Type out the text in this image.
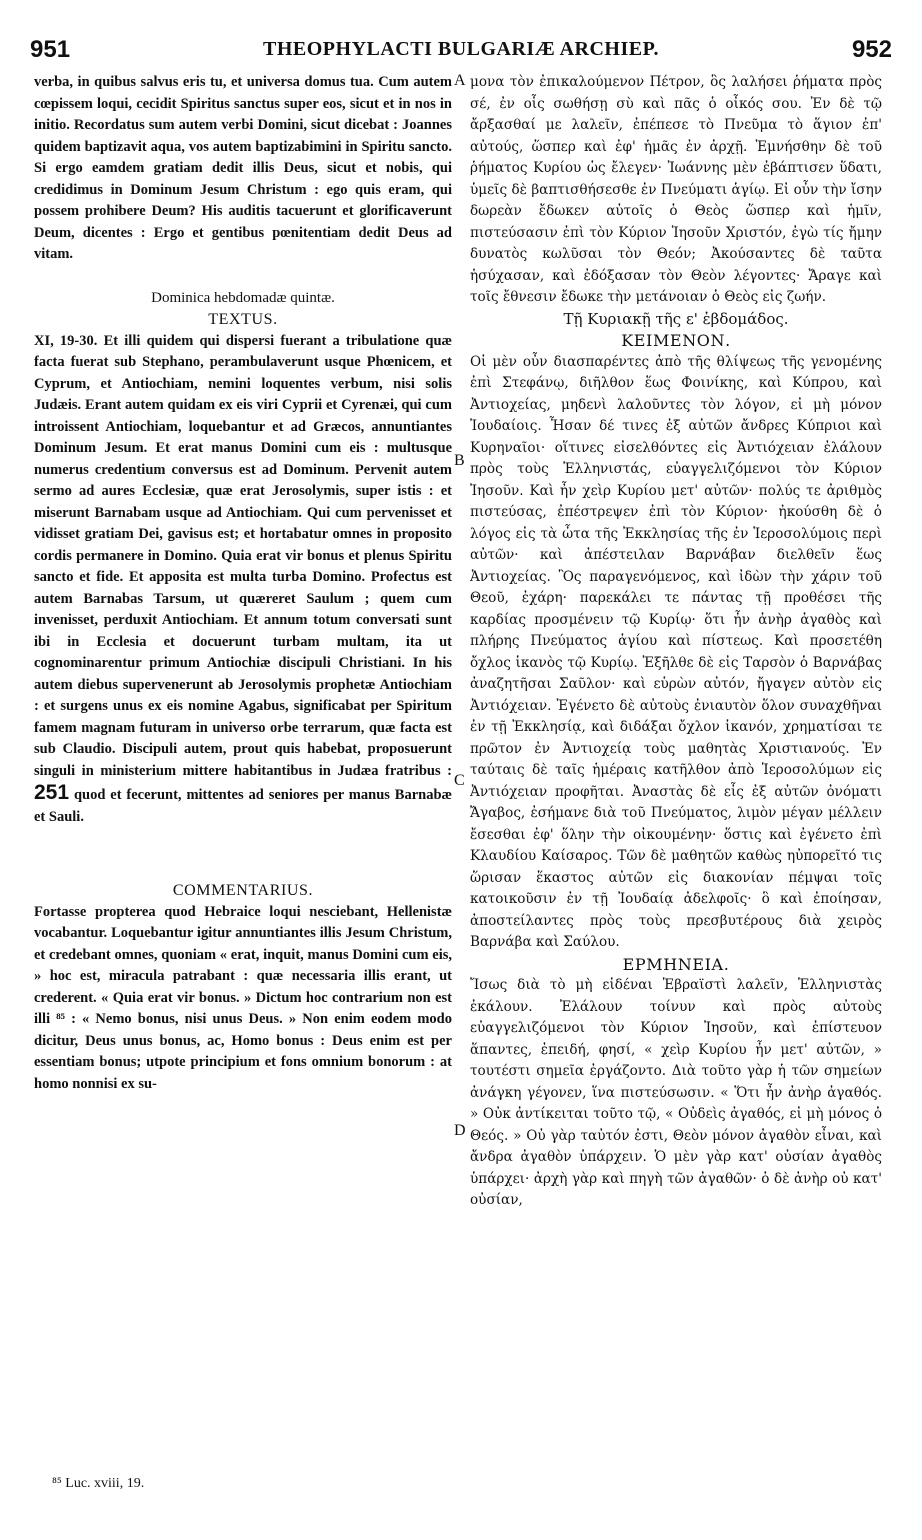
951	THEOPHYLACTI BULGARIÆ ARCHIEP.	952
A
B
C
D

verba, in quibus salvus eris tu, et universa domus tua. Cum autem cœpissem loqui, cecidit Spiritus sanctus super eos, sicut et in nos in initio. Recordatus sum autem verbi Domini, sicut dicebat : Joannes quidem baptizavit aqua, vos autem baptizabimini in Spiritu sancto. Si ergo eamdem gratiam dedit illis Deus, sicut et nobis, qui credidimus in Dominum Jesum Christum : ego quis eram, qui possem prohibere Deum? His auditis tacuerunt et glorificaverunt Deum, dicentes : Ergo et gentibus pœnitentiam dedit Deus ad vitam.

Dominica hebdomadæ quintæ.

TEXTUS.

XI, 19-30. Et illi quidem qui dispersi fuerant a tribulatione quæ facta fuerat sub Stephano, perambulaverunt usque Phœnicem, et Cyprum, et Antiochiam, nemini loquentes verbum, nisi solis Judæis. Erant autem quidam ex eis viri Cyprii et Cyrenæi, qui cum introissent Antiochiam, loquebantur et ad Græcos, annuntiantes Dominum Jesum. Et erat manus Domini cum eis : multusque numerus credentium conversus est ad Dominum. Pervenit autem sermo ad aures Ecclesiæ, quæ erat Jerosolymis, super istis : et miserunt Barnabam usque ad Antiochiam. Qui cum pervenisset et vidisset gratiam Dei, gavisus est; et hortabatur omnes in proposito cordis permanere in Domino. Quia erat vir bonus et plenus Spiritu sancto et fide. Et apposita est multa turba Domino. Profectus est autem Barnabas Tarsum, ut quæreret Saulum ; quem cum invenisset, perduxit Antiochiam. Et annum totum conversati sunt ibi in Ecclesia et docuerunt turbam multam, ita ut cognominarentur primum Antiochiæ discipuli Christiani. In his autem diebus supervenerunt ab Jerosolymis prophetæ Antiochiam : et surgens unus ex eis nomine Agabus, significabat per Spiritum famem magnam futuram in universo orbe terrarum, quæ facta est sub Claudio. Discipuli autem, prout quis habebat, proposuerunt singuli in ministerium mittere habitantibus in Judæa fratribus : 251 quod et fecerunt, mittentes ad seniores per manus Barnabæ et Sauli.

COMMENTARIUS.

Fortasse propterea quod Hebraice loqui nesciebant, Hellenistæ vocabantur. Loquebantur igitur annuntiantes illis Jesum Christum, et credebant omnes, quoniam « erat, inquit, manus Domini cum eis, » hoc est, miracula patrabant : quæ necessaria illis erant, ut crederent. « Quia erat vir bonus. » Dictum hoc contrarium non est illi ⁸⁵ : « Nemo bonus, nisi unus Deus. » Non enim eodem modo dicitur, Deus unus bonus, ac, Homo bonus : Deus enim est per essentiam bonus; utpote principium et fons omnium bonorum : at homo nonnisi ex su-

⁸⁵ Luc. xviii, 19.

μονα τὸν ἐπικαλούμενον Πέτρον, ὃς λαλήσει ῥήματα πρὸς σέ, ἐν οἷς σωθήσῃ σὺ καὶ πᾶς ὁ οἶκός σου. Ἐν δὲ τῷ ἄρξασθαί με λαλεῖν, ἐπέπεσε τὸ Πνεῦμα τὸ ἅγιον ἐπ' αὐτούς, ὥσπερ καὶ ἐφ' ἡμᾶς ἐν ἀρχῇ. Ἐμνήσθην δὲ τοῦ ῥήματος Κυρίου ὡς ἔλεγεν· Ἰωάννης μὲν ἐβάπτισεν ὕδατι, ὑμεῖς δὲ βαπτισθήσεσθε ἐν Πνεύματι ἁγίῳ. Εἰ οὖν τὴν ἴσην δωρεὰν ἔδωκεν αὐτοῖς ὁ Θεὸς ὥσπερ καὶ ἡμῖν, πιστεύσασιν ἐπὶ τὸν Κύριον Ἰησοῦν Χριστόν, ἐγὼ τίς ἤμην δυνατὸς κωλῦσαι τὸν Θεόν; Ἀκούσαντες δὲ ταῦτα ἡσύχασαν, καὶ ἐδόξασαν τὸν Θεὸν λέγοντες· Ἄραγε καὶ τοῖς ἔθνεσιν ἔδωκε τὴν μετάνοιαν ὁ Θεὸς εἰς ζωήν.

Τῇ Κυριακῇ τῆς ε' ἑβδομάδος.

ΚΕΙΜΕΝΟΝ.

Οἱ μὲν οὖν διασπαρέντες ἀπὸ τῆς θλίψεως τῆς γενομένης ἐπὶ Στεφάνῳ, διῆλθον ἕως Φοινίκης, καὶ Κύπρου, καὶ Ἀντιοχείας, μηδενὶ λαλοῦντες τὸν λόγον, εἰ μὴ μόνον Ἰουδαίοις. Ἦσαν δέ τινες ἐξ αὐτῶν ἄνδρες Κύπριοι καὶ Κυρηναῖοι· οἵτινες εἰσελθόντες εἰς Ἀντιόχειαν ἐλάλουν πρὸς τοὺς Ἑλληνιστάς, εὐαγγελιζόμενοι τὸν Κύριον Ἰησοῦν. Καὶ ἦν χεὶρ Κυρίου μετ' αὐτῶν· πολύς τε ἀριθμὸς πιστεύσας, ἐπέστρεψεν ἐπὶ τὸν Κύριον· ἠκούσθη δὲ ὁ λόγος εἰς τὰ ὦτα τῆς Ἐκκλησίας τῆς ἐν Ἱεροσολύμοις περὶ αὐτῶν· καὶ ἀπέστειλαν Βαρνάβαν διελθεῖν ἕως Ἀντιοχείας. Ὃς παραγενόμενος, καὶ ἰδὼν τὴν χάριν τοῦ Θεοῦ, ἐχάρη· παρεκάλει τε πάντας τῇ προθέσει τῆς καρδίας προσμένειν τῷ Κυρίῳ· ὅτι ἦν ἀνὴρ ἀγαθὸς καὶ πλήρης Πνεύματος ἁγίου καὶ πίστεως. Καὶ προσετέθη ὄχλος ἱκανὸς τῷ Κυρίῳ. Ἐξῆλθε δὲ εἰς Ταρσὸν ὁ Βαρνάβας ἀναζητῆσαι Σαῦλον· καὶ εὑρὼν αὐτόν, ἤγαγεν αὐτὸν εἰς Ἀντιόχειαν. Ἐγένετο δὲ αὐτοὺς ἐνιαυτὸν ὅλον συναχθῆναι ἐν τῇ Ἐκκλησίᾳ, καὶ διδάξαι ὄχλον ἱκανόν, χρηματίσαι τε πρῶτον ἐν Ἀντιοχείᾳ τοὺς μαθητὰς Χριστιανούς. Ἐν ταύταις δὲ ταῖς ἡμέραις κατῆλθον ἀπὸ Ἱεροσολύμων εἰς Ἀντιόχειαν προφῆται. Ἀναστὰς δὲ εἷς ἐξ αὐτῶν ὀνόματι Ἄγαβος, ἐσήμανε διὰ τοῦ Πνεύματος, λιμὸν μέγαν μέλλειν ἔσεσθαι ἐφ' ὅλην τὴν οἰκουμένην· ὅστις καὶ ἐγένετο ἐπὶ Κλαυδίου Καίσαρος. Τῶν δὲ μαθητῶν καθὼς ηὐπορεῖτό τις ὥρισαν ἕκαστος αὐτῶν εἰς διακονίαν πέμψαι τοῖς κατοικοῦσιν ἐν τῇ Ἰουδαίᾳ ἀδελφοῖς· ὃ καὶ ἐποίησαν, ἀποστείλαντες πρὸς τοὺς πρεσβυτέρους διὰ χειρὸς Βαρνάβα καὶ Σαύλου.

ΕΡΜΗΝΕΙΑ.

Ἴσως διὰ τὸ μὴ εἰδέναι Ἑβραϊστὶ λαλεῖν, Ἑλληνιστὰς ἐκάλουν. Ἐλάλουν τοίνυν καὶ πρὸς αὐτοὺς εὐαγγελιζόμενοι τὸν Κύριον Ἰησοῦν, καὶ ἐπίστευον ἅπαντες, ἐπειδή, φησί, « χεὶρ Κυρίου ἦν μετ' αὐτῶν, » τουτέστι σημεῖα ἐργάζοντο. Διὰ τοῦτο γὰρ ἡ τῶν σημείων ἀνάγκη γέγονεν, ἵνα πιστεύσωσιν. « Ὅτι ἦν ἀνὴρ ἀγαθός. » Οὐκ ἀντίκειται τοῦτο τῷ, « Οὐδεὶς ἀγαθός, εἰ μὴ μόνος ὁ Θεός. » Οὐ γὰρ ταὐτόν ἐστι, Θεὸν μόνον ἀγαθὸν εἶναι, καὶ ἄνδρα ἀγαθὸν ὑπάρχειν. Ὁ μὲν γὰρ κατ' οὐσίαν ἀγαθὸς ὑπάρχει· ἀρχὴ γὰρ καὶ πηγὴ τῶν ἀγαθῶν· ὁ δὲ ἀνὴρ οὐ κατ' οὐσίαν,
